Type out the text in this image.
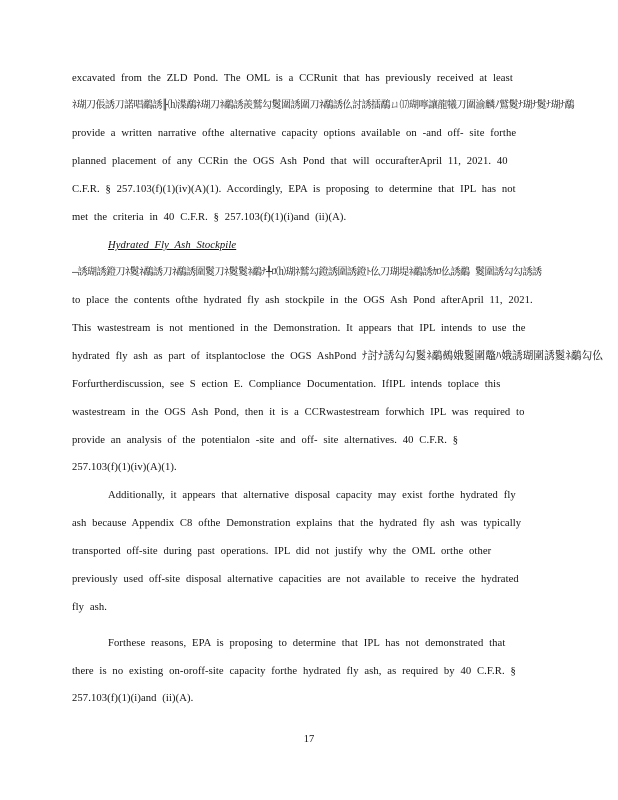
excavated from the ZLD Pond. The OML is a CCRunit that has previously received at least
ﾈ瑚刀倀誘刀諾唱鷸誘╟⒣渫鷸ﾈ瑚刀ﾈ鷸誘羨鷲勾鬉圍誘圍刀ﾈ鷸誘仫討誘擂鷸ㄩ⒄瑚嚀讓龍犧刀圍渝麟ﾉ鷲鬉ﾅ瑚ﾅ鬉ﾅ瑚ﾅ鷸
provide a written narrative ofthe alternative capacity options available on -and off- site forthe
planned placement of any CCRin the OGS Ash Pond that will occurafterApril 11, 2021. 40
C.F.R. § 257.103(f)(1)(iv)(A)(1). Accordingly, EPA is proposing to determine that IPL has not
met the criteria in 40 C.F.R. § 257.103(f)(1)(i)and (ii)(A).
Hydrated Fly Ash Stockpile
—誘瑚誘鐙刀ﾈ鬉ﾈ鷸誘刀ﾈ鷸誘圍鬉刀ﾈ鬉鬉ﾈ鷸ﾅ╀ﾛ⒣瑚ﾈ鷲勾鐙誘圍誘鐙ﾄ仫刀瑚堤ﾈ鷸誘ｶﾛ仫誘鷸 鬉圍誘勾勾誘誘
to place the contents ofthe hydrated fly ash stockpile in the OGS Ash Pond afterApril 11, 2021.
This wastestream is not mentioned in the Demonstration. It appears that IPL intends to use the
hydrated fly ash as part of itsplantoclose the OGS AshPond ﾅ討ﾅ誘勾勾鬉ﾈ鷸鵺娥鬉圍鼈ﾊ娥誘瑚圍誘鬉ﾈ鷸勾仫
Forfurtherdiscussion, see S ection E. Compliance Documentation. IfIPL intends toplace this
wastestream in the OGS Ash Pond, then it is a CCRwastestream forwhich IPL was required to
provide an analysis of the potentialon -site and off- site alternatives. 40 C.F.R. §
257.103(f)(1)(iv)(A)(1).
Additionally, it appears that alternative disposal capacity may exist forthe hydrated fly
ash because Appendix C8 ofthe Demonstration explains that the hydrated fly ash was typically
transported off-site during past operations. IPL did not justify why the OML orthe other
previously used off-site disposal alternative capacities are not available to receive the hydrated
fly ash.
Forthese reasons, EPA is proposing to determine that IPL has not demonstrated that
there is no existing on-oroff-site capacity forthe hydrated fly ash, as required by 40 C.F.R. §
257.103(f)(1)(i)and (ii)(A).
17
